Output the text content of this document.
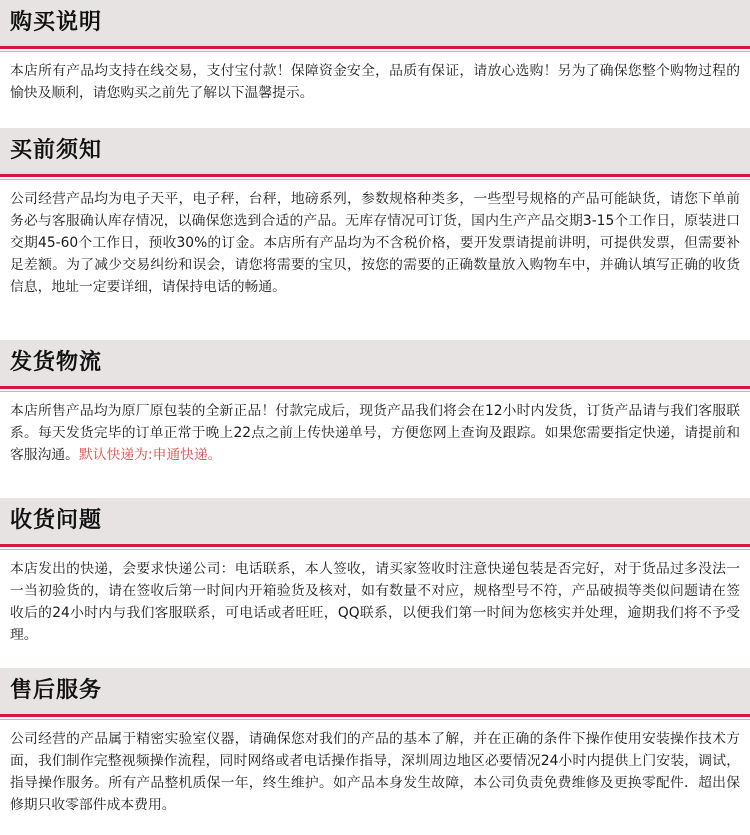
购买说明

本店所有产品均支持在线交易，支付宝付款！保障资金安全，品质有保证，请放心选购！另为了确保您整个购物过程的愉快及顺利，请您购买之前先了解以下温馨提示。

买前须知

公司经营产品均为电子天平，电子秤，台秤，地磅系列，参数规格种类多，一些型号规格的产品可能缺货，请您下单前务必与客服确认库存情况，以确保您选到合适的产品。无库存情况可订货，国内生产产品交期3-15个工作日，原装进口交期45-60个工作日，预收30%的订金。本店所有产品均为不含税价格，要开发票请提前讲明，可提供发票，但需要补足差额。为了减少交易纠纷和误会，请您将需要的宝贝，按您的需要的正确数量放入购物车中，并确认填写正确的收货信息，地址一定要详细，请保持电话的畅通。

发货物流

本店所售产品均为原厂原包装的全新正品！付款完成后，现货产品我们将会在12小时内发货，订货产品请与我们客服联系。每天发货完毕的订单正常于晚上22点之前上传快递单号，方便您网上查询及跟踪。如果您需要指定快递，请提前和客服沟通。默认快递为:申通快递。

收货问题

本店发出的快递，会要求快递公司：电话联系，本人签收，请买家签收时注意快递包装是否完好，对于货品过多没法一一当初验货的，请在签收后第一时间内开箱验货及核对，如有数量不对应，规格型号不符，产品破损等类似问题请在签收后的24小时内与我们客服联系，可电话或者旺旺，QQ联系，以便我们第一时间为您核实并处理，逾期我们将不予受理。

售后服务

公司经营的产品属于精密实验室仪器，请确保您对我们的产品的基本了解，并在正确的条件下操作使用安装操作技术方面，我们制作完整视频操作流程，同时网络或者电话操作指导，深圳周边地区必要情况24小时内提供上门安装，调试，指导操作服务。所有产品整机质保一年，终生维护。如产品本身发生故障，本公司负责免费维修及更换零配件．超出保修期只收零部件成本费用。
